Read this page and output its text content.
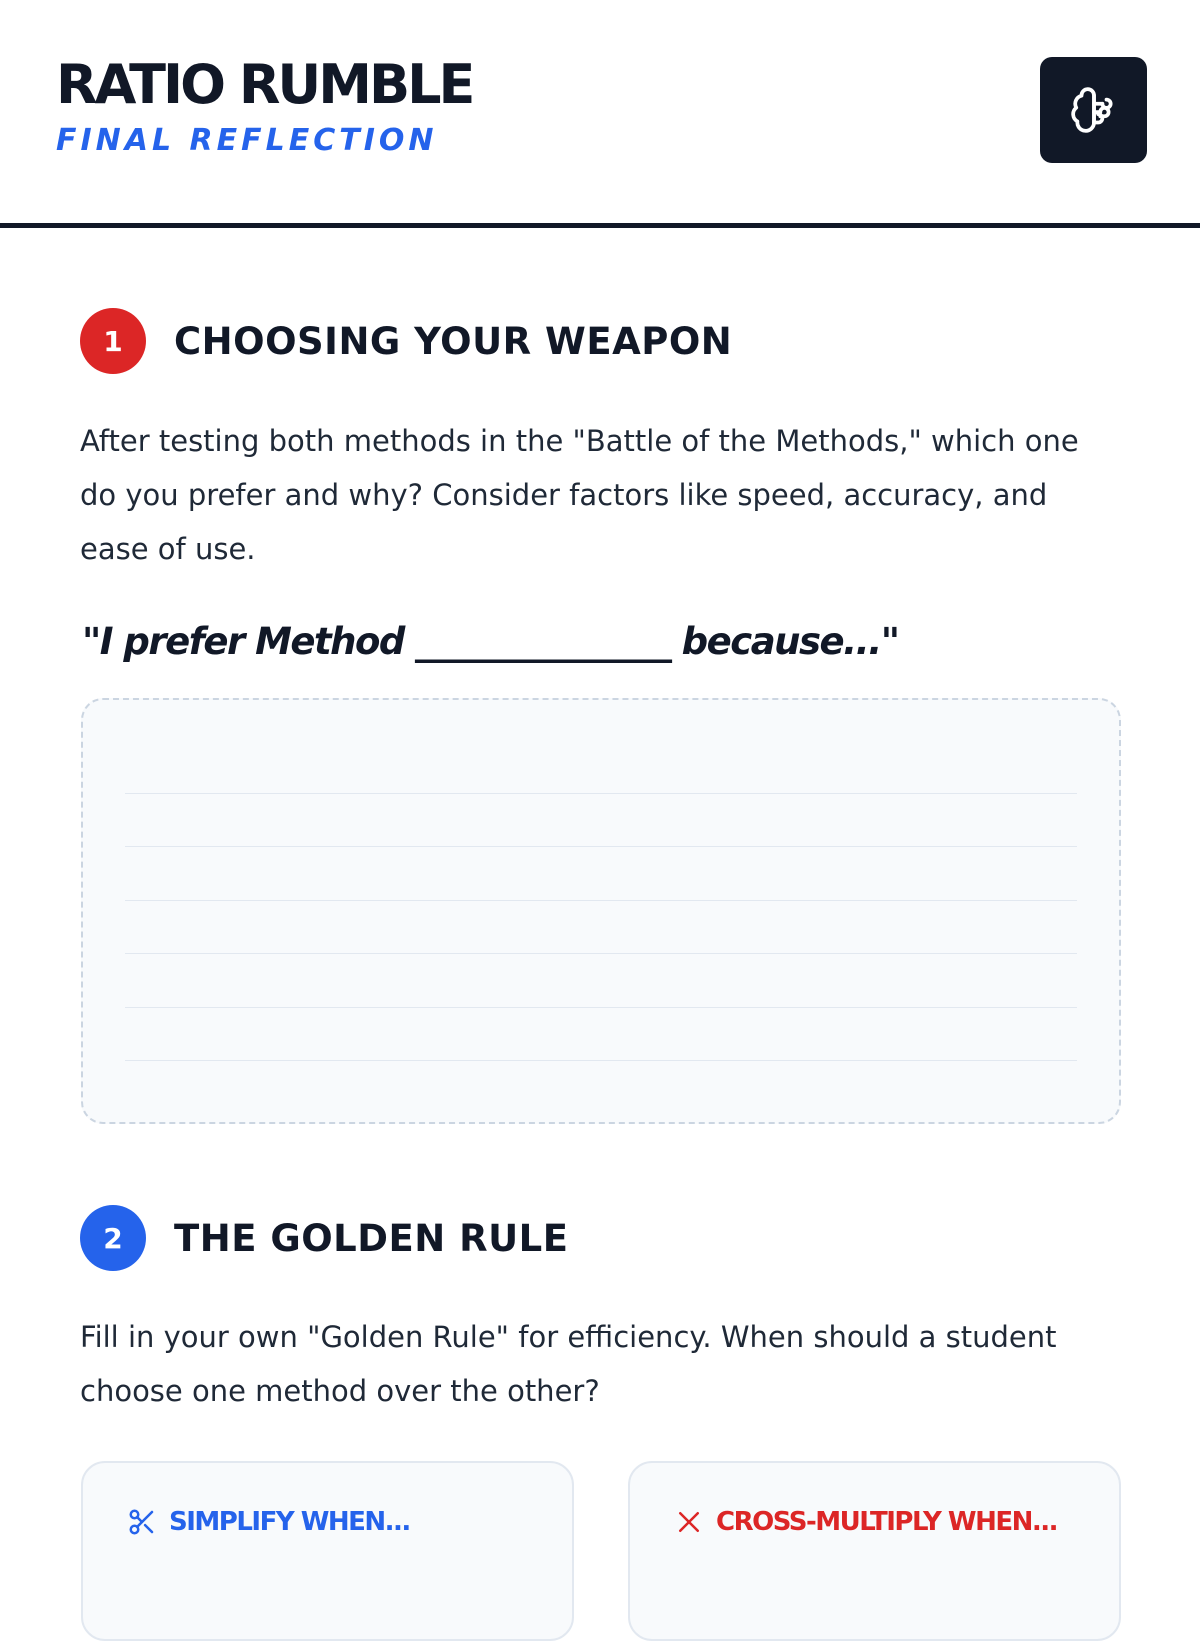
RATIO RUMBLE
FINAL REFLECTION
1	CHOOSING YOUR WEAPON
After testing both methods in the "Battle of the Methods," which one do you prefer and why? Consider factors like speed, accuracy, and ease of use.
"I prefer Method _______________ because..."
2	THE GOLDEN RULE
Fill in your own "Golden Rule" for efficiency. When should a student choose one method over the other?
SIMPLIFY WHEN...	CROSS-MULTIPLY WHEN...
